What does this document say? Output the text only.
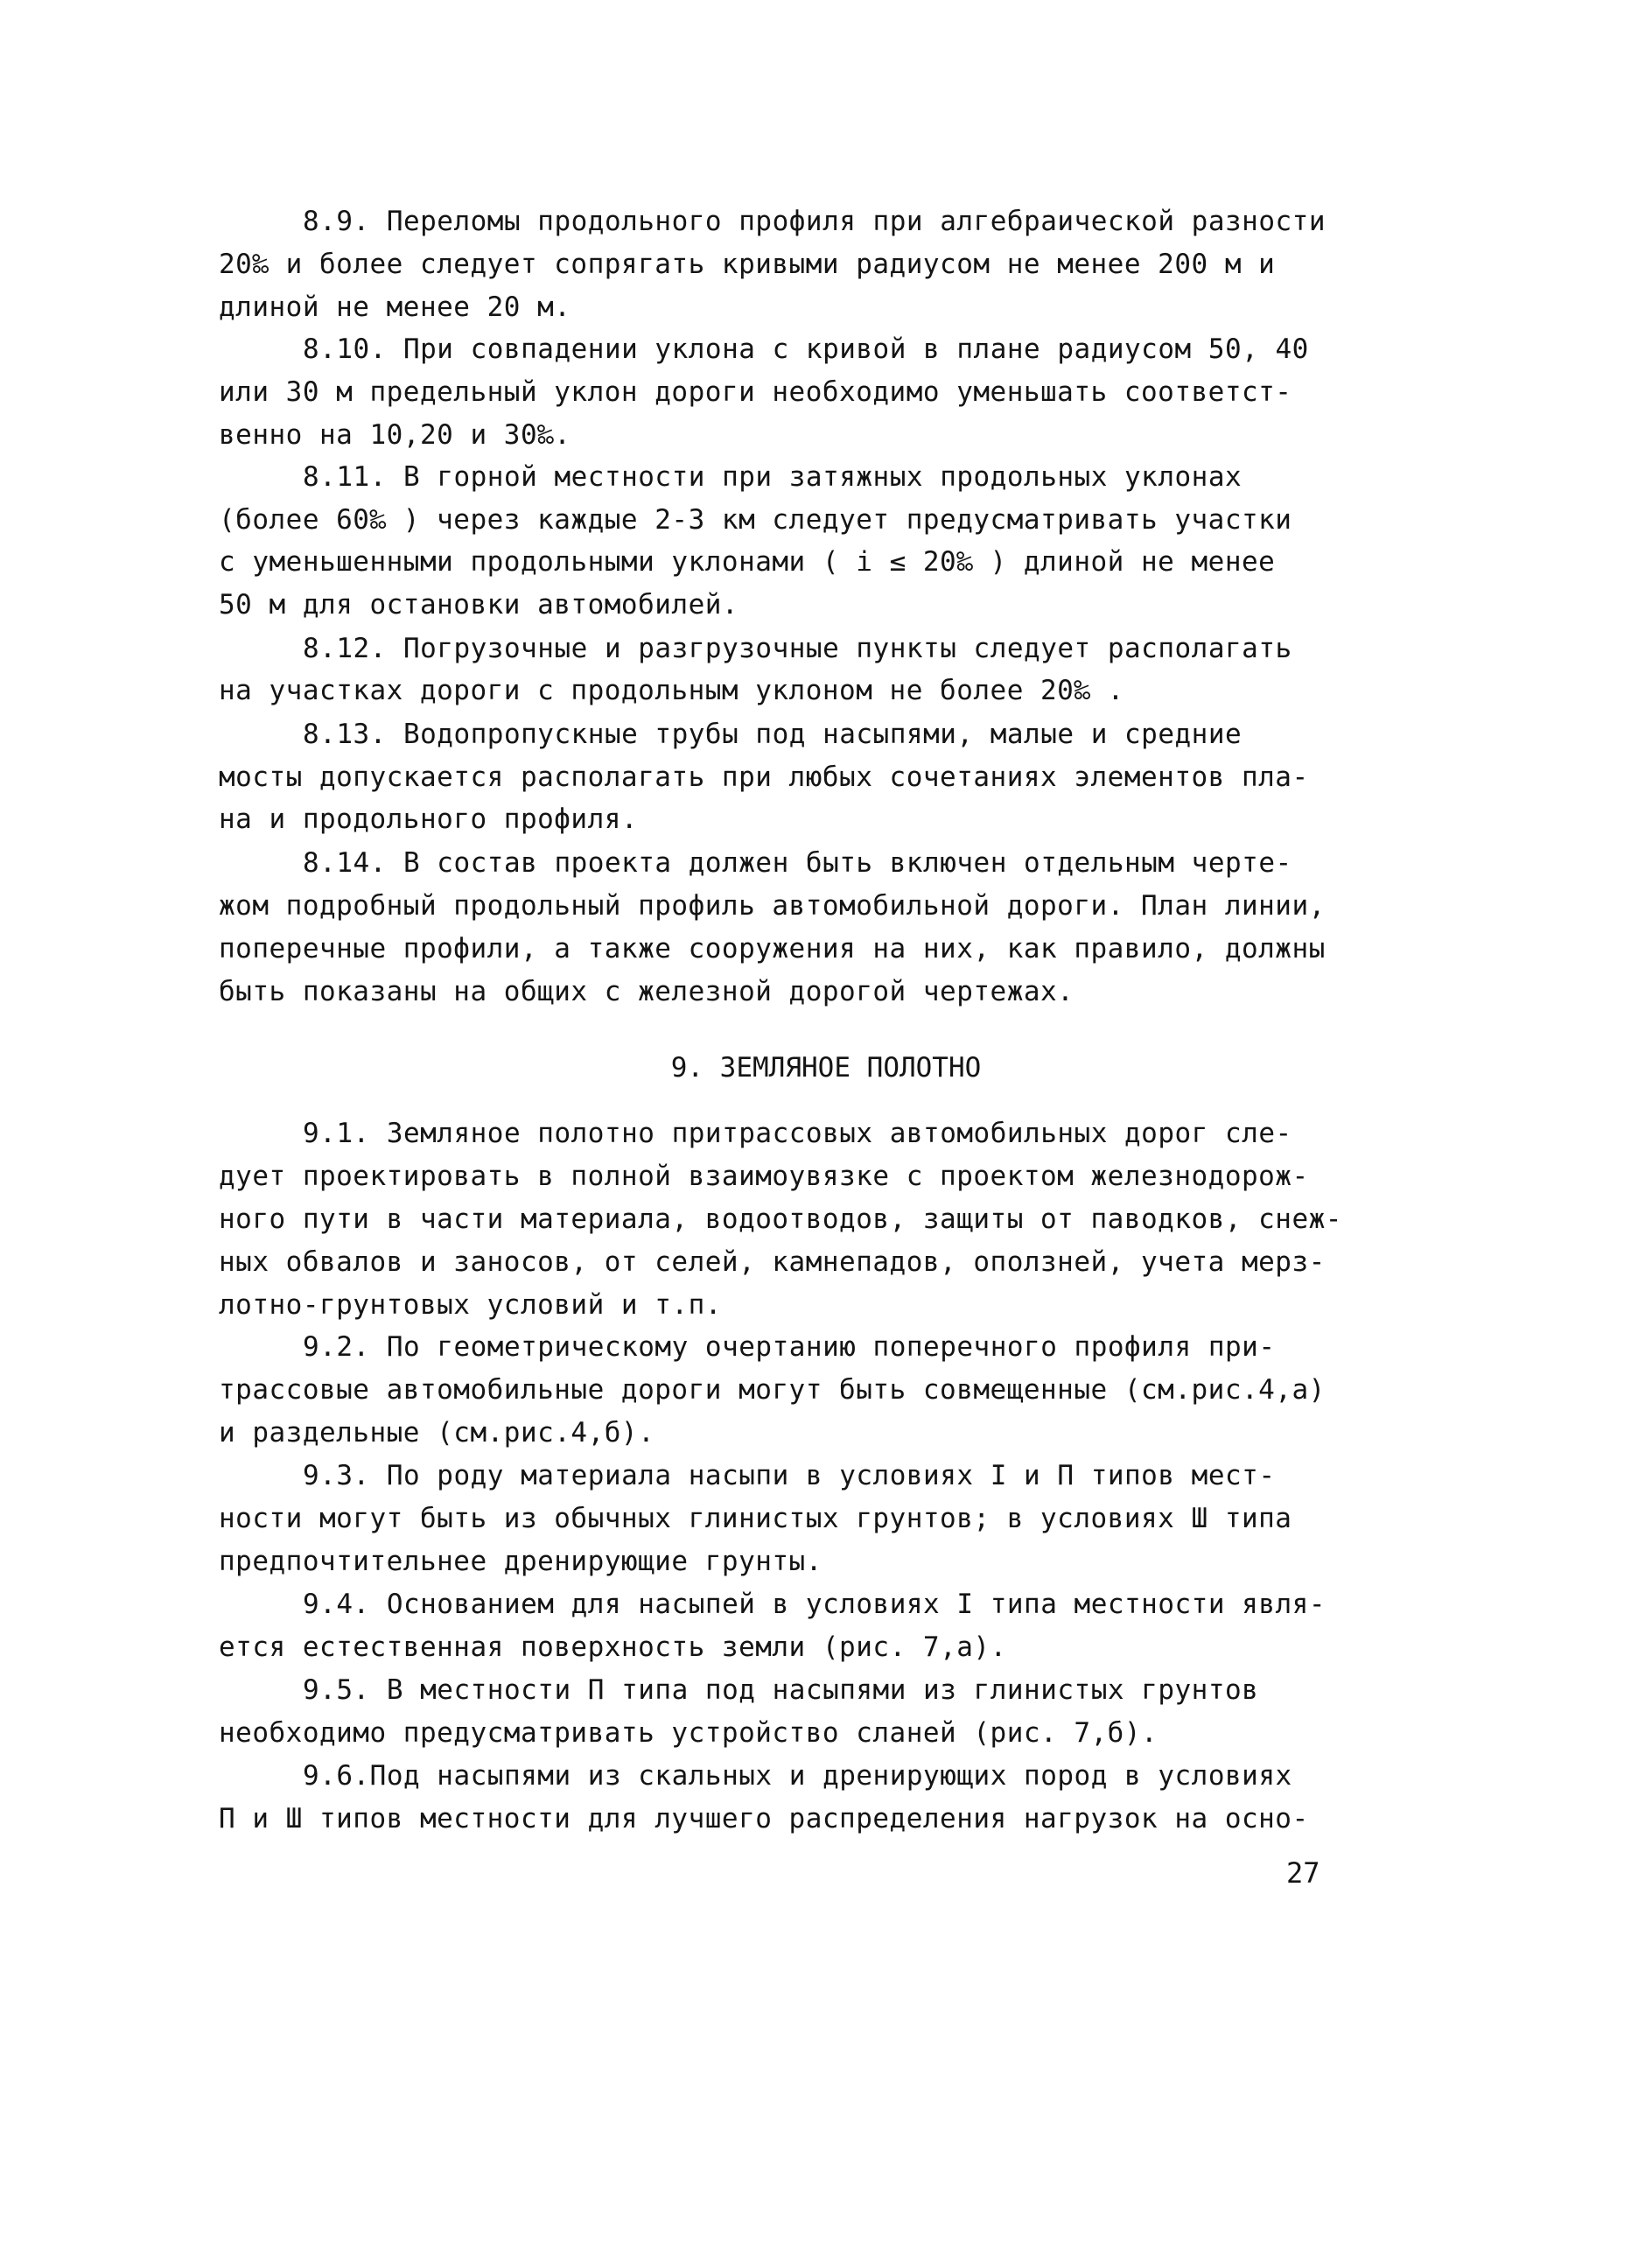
8.9. Переломы продольного профиля при алгебраической разности
20‰ и более следует сопрягать кривыми радиусом не менее 200 м и
длиной не менее 20 м.
8.10. При совпадении уклона с кривой в плане радиусом 50, 40
или 30 м предельный уклон дороги необходимо уменьшать соответст-
венно на 10,20 и 30‰.
8.11. В горной местности при затяжных продольных уклонах
(более 60‰ ) через каждые 2-3 км следует предусматривать участки
с уменьшенными продольными уклонами ( i ≤ 20‰ ) длиной не менее
50 м для остановки автомобилей.
8.12. Погрузочные и разгрузочные пункты следует располагать
на участках дороги с продольным уклоном не более 20‰ .
8.13. Водопропускные трубы под насыпями, малые и средние
мосты допускается располагать при любых сочетаниях элементов пла-
на и продольного профиля.
8.14. В состав проекта должен быть включен отдельным черте-
жом подробный продольный профиль автомобильной дороги. План линии,
поперечные профили, а также сооружения на них, как правило, должны
быть показаны на общих с железной дорогой чертежах.
9. ЗЕМЛЯНОЕ ПОЛОТНО
9.1. Земляное полотно притрассовых автомобильных дорог сле-
дует проектировать в полной взаимоувязке с проектом железнодорож-
ного пути в части материала, водоотводов, защиты от паводков, снеж-
ных обвалов и заносов, от селей, камнепадов, оползней, учета мерз-
лотно-грунтовых условий и т.п.
9.2. По геометрическому очертанию поперечного профиля при-
трассовые автомобильные дороги могут быть совмещенные (см.рис.4,а)
и раздельные (см.рис.4,б).
9.3. По роду материала насыпи в условиях I и П типов мест-
ности могут быть из обычных глинистых грунтов; в условиях Ш типа
предпочтительнее дренирующие грунты.
9.4. Основанием для насыпей в условиях I типа местности явля-
ется естественная поверхность земли (рис. 7,а).
9.5. В местности П типа под насыпями из глинистых грунтов
необходимо предусматривать устройство сланей (рис. 7,б).
9.6.Под насыпями из скальных и дренирующих пород в условиях
П и Ш типов местности для лучшего распределения нагрузок на осно-
27
